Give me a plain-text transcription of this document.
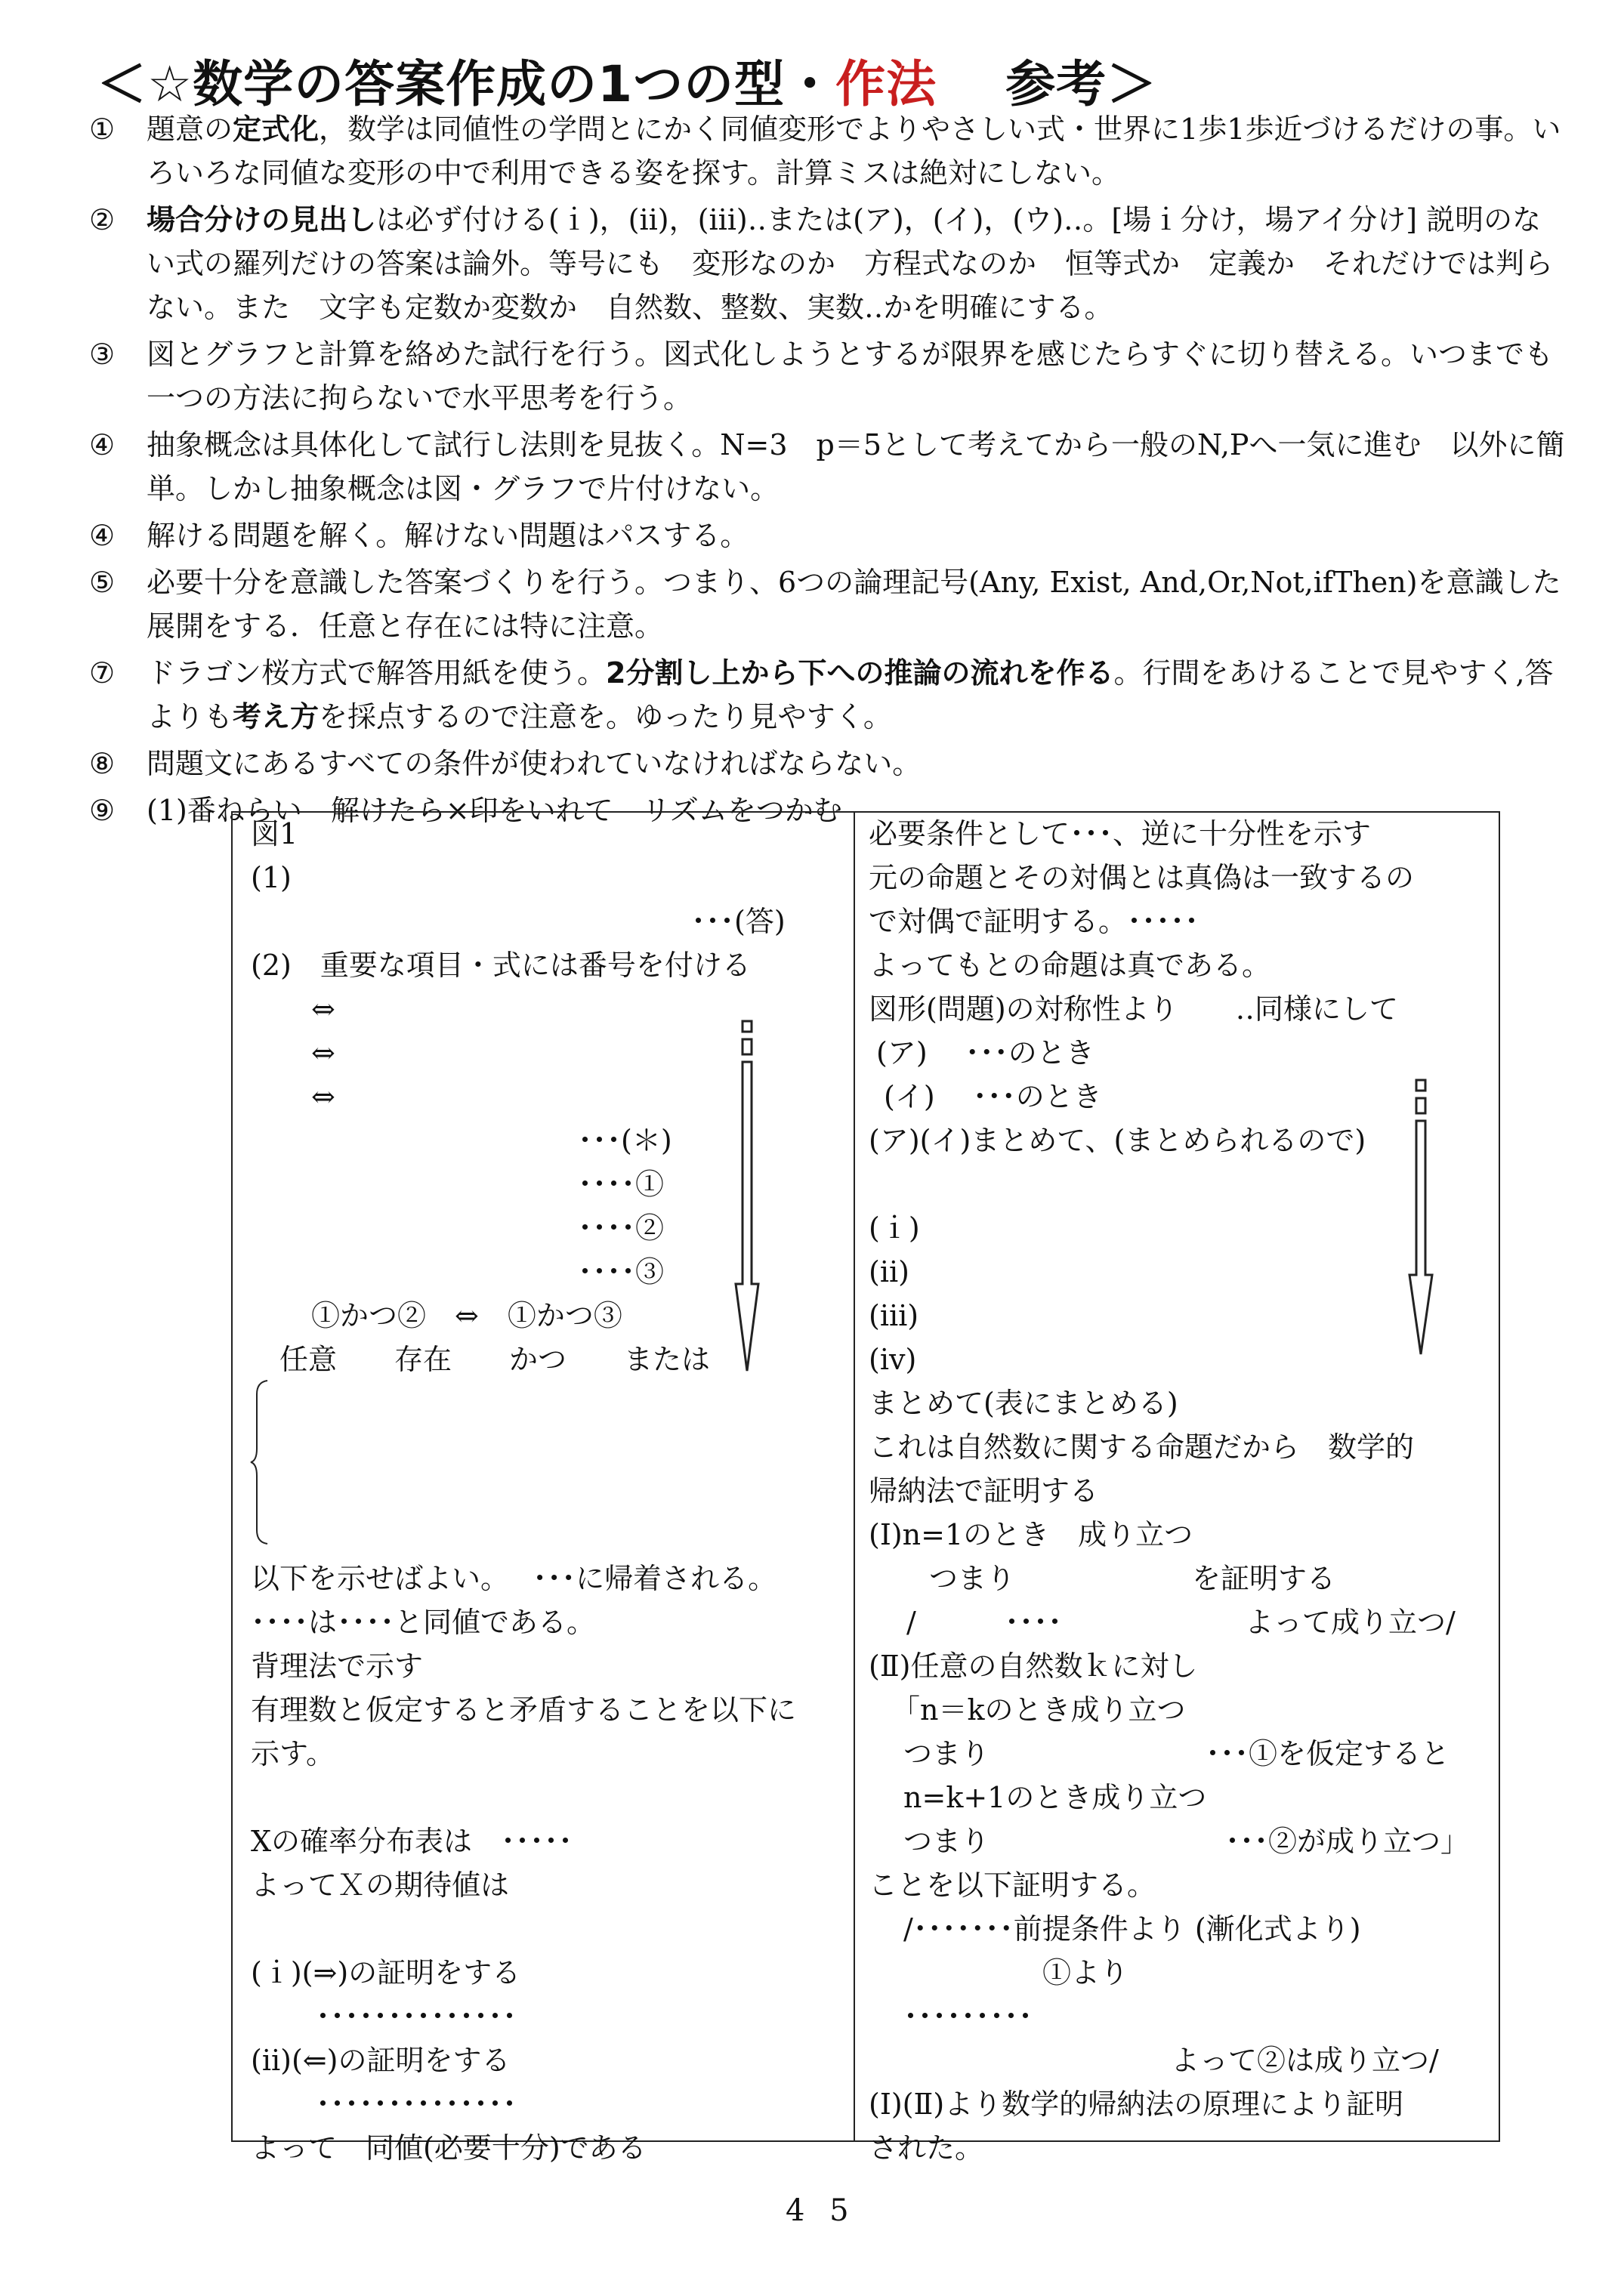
＜☆数学の答案作成の1つの型・作法　 参考＞
① 題意の定式化，数学は同値性の学問とにかく同値変形でよりやさしい式・世界に1歩1歩近づけるだけの事。いろいろな同値な変形の中で利用できる姿を探す。計算ミスは絶対にしない。
② 場合分けの見出しは必ず付ける(ｉ)，(ⅱ)，(ⅲ)‥または(ア)，(イ)，(ウ)‥。[場ｉ分け，場アイ分け] 説明のない式の羅列だけの答案は論外。等号にも　変形なのか　方程式なのか　恒等式か　定義か　それだけでは判らない。また　文字も定数か変数か　自然数、整数、実数‥かを明確にする。
③ 図とグラフと計算を絡めた試行を行う。図式化しようとするが限界を感じたらすぐに切り替える。いつまでも一つの方法に拘らないで水平思考を行う。
④ 抽象概念は具体化して試行し法則を見抜く。N=3　p＝5として考えてから一般のN,Pへ一気に進む　以外に簡単。しかし抽象概念は図・グラフで片付けない。
④ 解ける問題を解く。解けない問題はパスする。
⑤ 必要十分を意識した答案づくりを行う。つまり、6つの論理記号(Any, Exist, And,Or,Not,ifThen)を意識した展開をする．任意と存在には特に注意。
⑦ ドラゴン桜方式で解答用紙を使う。2分割し上から下への推論の流れを作る。行間をあけることで見やすく,答よりも考え方を採点するので注意を。ゆったり見やすく。
⑧ 問題文にあるすべての条件が使われていなければならない。
⑨ (1)番ねらい　解けたら×印をいれて　リズムをつかむ
図1
(1)
･･･(答)
(2)　重要な項目・式には番号を付ける
⇔
⇔
⇔
･･･(＊)
････①
････②
････③
①かつ②　⇔　①かつ③
任意　　存在　　かつ　　または
以下を示せばよい。　 ･･･に帰着される。
････は････と同値である。
背理法で示す
有理数と仮定すると矛盾することを以下に
示す。
Xの確率分布表は　･････
よってＸの期待値は
(ｉ)(⇒)の証明をする
･･････････････
(ⅱ)(⇐)の証明をする
･･････････････
よって　同値(必要十分)である
必要条件として･･･、逆に十分性を示す
元の命題とその対偶とは真偽は一致するの
で対偶で証明する。･････
よってもとの命題は真である。
図形(問題)の対称性より　　‥同様にして
(ア)　 ･･･のとき
(イ)　 ･･･のとき
(ア)(イ)まとめて、(まとめられるので)
(ｉ)
(ⅱ)
(ⅲ)
(ⅳ)
まとめて(表にまとめる)
これは自然数に関する命題だから　数学的
帰納法で証明する
(Ⅰ)n=1のとき　成り立つ
つまり	を証明する
/	････	よって成り立つ/
(Ⅱ)任意の自然数ｋに対し
「n＝kのとき成り立つ
つまり	･･･①を仮定すると
n=k+1のとき成り立つ
つまり	･･･②が成り立つ」
ことを以下証明する。
/･･･････前提条件より (漸化式より)
①より
･････････
よって②は成り立つ/
(Ⅰ)(Ⅱ)より数学的帰納法の原理により証明
された。
4 5
